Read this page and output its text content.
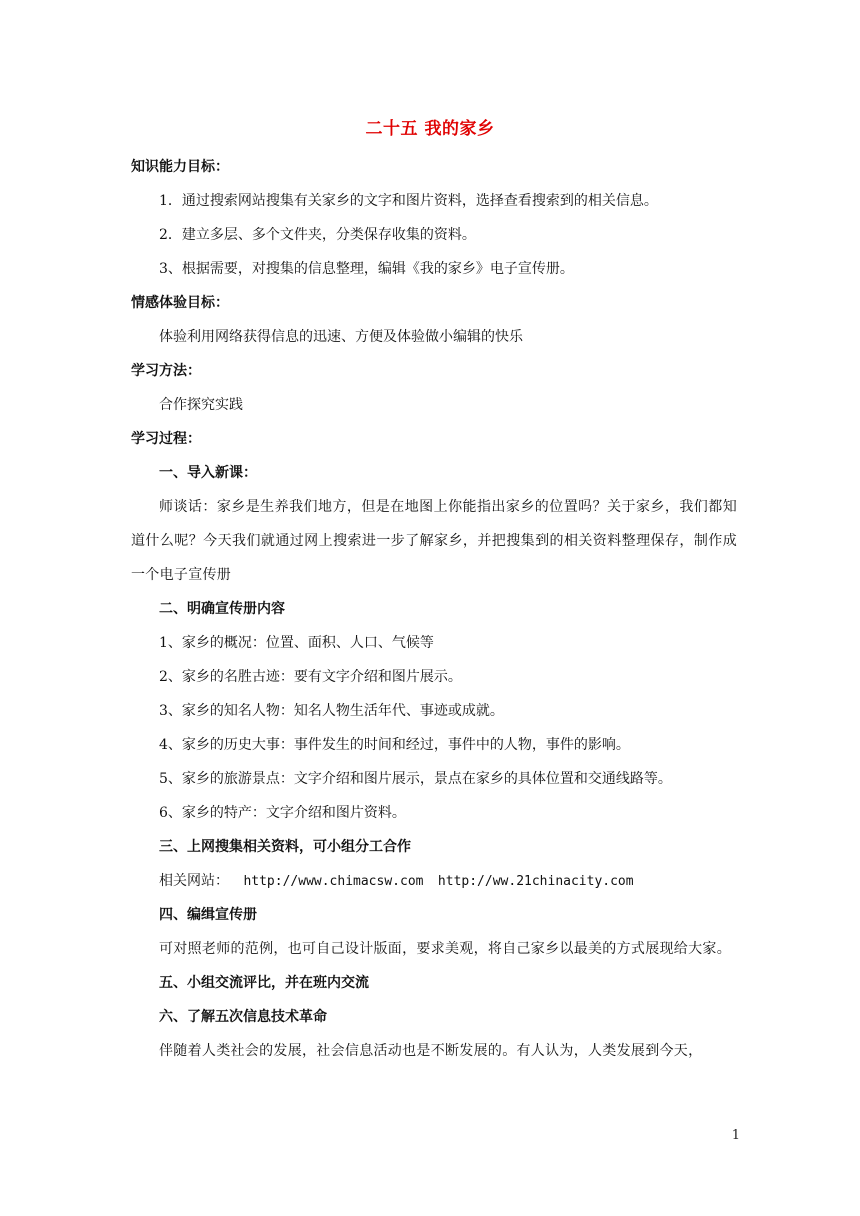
二十五 我的家乡
知识能力目标：
1．通过搜索网站搜集有关家乡的文字和图片资料，选择查看搜索到的相关信息。
2．建立多层、多个文件夹，分类保存收集的资料。
3、根据需要，对搜集的信息整理，编辑《我的家乡》电子宣传册。
情感体验目标：
体验利用网络获得信息的迅速、方便及体验做小编辑的快乐
学习方法：
合作探究实践
学习过程：
一、导入新课：
师谈话：家乡是生养我们地方，但是在地图上你能指出家乡的位置吗？关于家乡，我们都知道什么呢？今天我们就通过网上搜索进一步了解家乡，并把搜集到的相关资料整理保存，制作成一个电子宣传册
二、明确宣传册内容
1、家乡的概况：位置、面积、人口、气候等
2、家乡的名胜古迹：要有文字介绍和图片展示。
3、家乡的知名人物：知名人物生活年代、事迹或成就。
4、家乡的历史大事：事件发生的时间和经过，事件中的人物，事件的影响。
5、家乡的旅游景点：文字介绍和图片展示，景点在家乡的具体位置和交通线路等。
6、家乡的特产：文字介绍和图片资料。
三、上网搜集相关资料，可小组分工合作
相关网站： http://www.chimacsw.com http://ww.21chinacity.com
四、编缉宣传册
可对照老师的范例，也可自己设计版面，要求美观，将自己家乡以最美的方式展现给大家。
五、小组交流评比，并在班内交流
六、了解五次信息技术革命
伴随着人类社会的发展，社会信息活动也是不断发展的。有人认为，人类发展到今天，
1
